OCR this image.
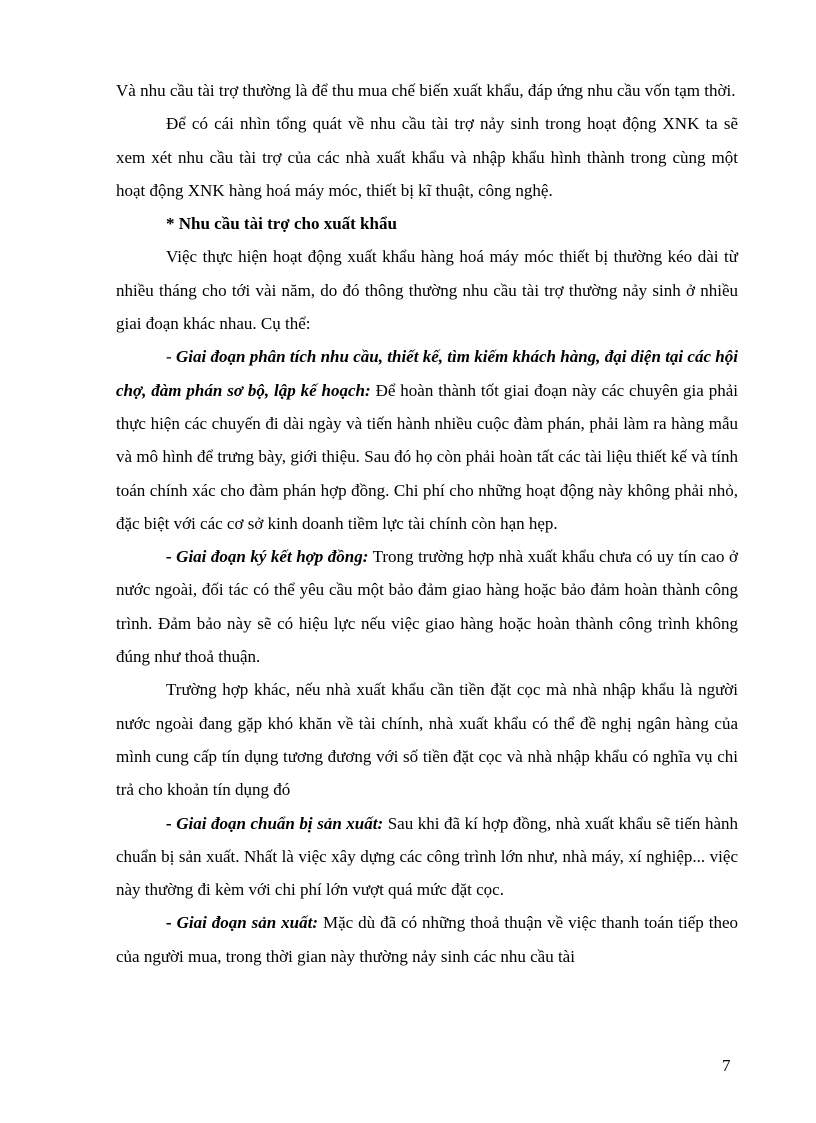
Và nhu cầu tài trợ thường là để thu mua chế biến xuất khẩu, đáp ứng nhu cầu vốn tạm thời.

Để có cái nhìn tổng quát về nhu cầu tài trợ nảy sinh trong hoạt động XNK ta sẽ xem xét nhu cầu tài trợ của các nhà xuất khẩu và nhập khẩu hình thành trong cùng một hoạt động XNK hàng hoá máy móc, thiết bị kĩ thuật, công nghệ.

* Nhu cầu tài trợ cho xuất khẩu

Việc thực hiện hoạt động xuất khẩu hàng hoá máy móc thiết bị thường kéo dài từ nhiều tháng cho tới vài năm, do đó thông thường nhu cầu tài trợ thường nảy sinh ở nhiều giai đoạn khác nhau. Cụ thể:

- Giai đoạn phân tích nhu cầu, thiết kế, tìm kiếm khách hàng, đại diện tại các hội chợ, đàm phán sơ bộ, lập kế hoạch: Để hoàn thành tốt giai đoạn này các chuyên gia phải thực hiện các chuyến đi dài ngày và tiến hành nhiều cuộc đàm phán, phải làm ra hàng mẫu và mô hình để trưng bày, giới thiệu. Sau đó họ còn phải hoàn tất các tài liệu thiết kế và tính toán chính xác cho đàm phán hợp đồng. Chi phí cho những hoạt động này không phải nhỏ, đặc biệt với các cơ sở kinh doanh tiềm lực tài chính còn hạn hẹp.

- Giai đoạn ký kết hợp đồng: Trong trường hợp nhà xuất khẩu chưa có uy tín cao ở nước ngoài, đối tác có thể yêu cầu một bảo đảm giao hàng hoặc bảo đảm hoàn thành công trình. Đảm bảo này sẽ có hiệu lực nếu việc giao hàng hoặc hoàn thành công trình không đúng như thoả thuận.

Trường hợp khác, nếu nhà xuất khẩu cần tiền đặt cọc mà nhà nhập khẩu là người nước ngoài đang gặp khó khăn về tài chính, nhà xuất khẩu có thể đề nghị ngân hàng của mình cung cấp tín dụng tương đương với số tiền đặt cọc và nhà nhập khẩu có nghĩa vụ chi trả cho khoản tín dụng đó

- Giai đoạn chuẩn bị sản xuất: Sau khi đã kí hợp đồng, nhà xuất khẩu sẽ tiến hành chuẩn bị sản xuất. Nhất là việc xây dựng các công trình lớn như, nhà máy, xí nghiệp... việc này thường đi kèm với chi phí lớn vượt quá mức đặt cọc.

- Giai đoạn sản xuất: Mặc dù đã có những thoả thuận về việc thanh toán tiếp theo của người mua, trong thời gian này thường nảy sinh các nhu cầu tài

7
